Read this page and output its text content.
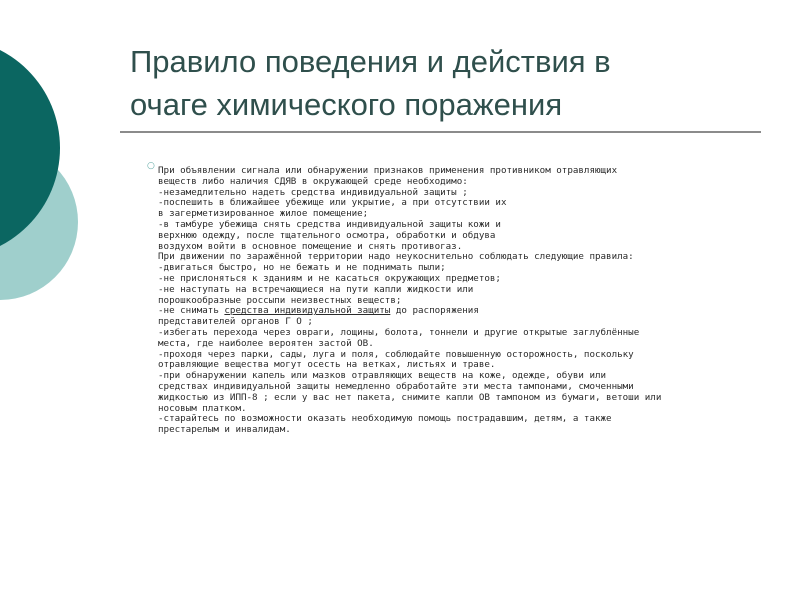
Правило поведения и действия в
очаге химического поражения
○ При объявлении сигнала или обнаружении признаков применения противником отравляющих
веществ либо наличия СДЯВ в окружающей среде необходимо:
-незамедлительно надеть средства индивидуальной защиты ;
-поспешить в ближайшее убежище или укрытие, а при отсутствии их
в загерметизированное жилое помещение;
-в тамбуре убежища снять средства индивидуальной защиты кожи и
верхнюю одежду, после тщательного осмотра, обработки и обдува
воздухом войти в основное помещение и снять противогаз.
При движении по заражённой территории надо неукоснительно соблюдать следующие правила:
-двигаться быстро, но не бежать и не поднимать пыли;
-не прислоняться к зданиям и не касаться окружающих предметов;
-не наступать на встречающиеся на пути капли жидкости или
порошкообразные россыпи неизвестных веществ;
-не снимать средства индивидуальной защиты до распоряжения
представителей органов Г О ;
-избегать перехода через овраги, лощины, болота, тоннели и другие открытые заглублённые
места, где наиболее вероятен застой ОВ.
-проходя через парки, сады, луга и поля, соблюдайте повышенную осторожность, поскольку
отравляющие вещества могут осесть на ветках, листьях и траве.
-при обнаружении капель или мазков отравляющих веществ на коже, одежде, обуви или
средствах индивидуальной защиты немедленно обработайте эти места тампонами, смоченными
жидкостью из ИПП-8 ; если у вас нет пакета, снимите капли ОВ тампоном из бумаги, ветоши или
носовым платком.
-старайтесь по возможности оказать необходимую помощь пострадавшим, детям, а также
престарелым и инвалидам.
